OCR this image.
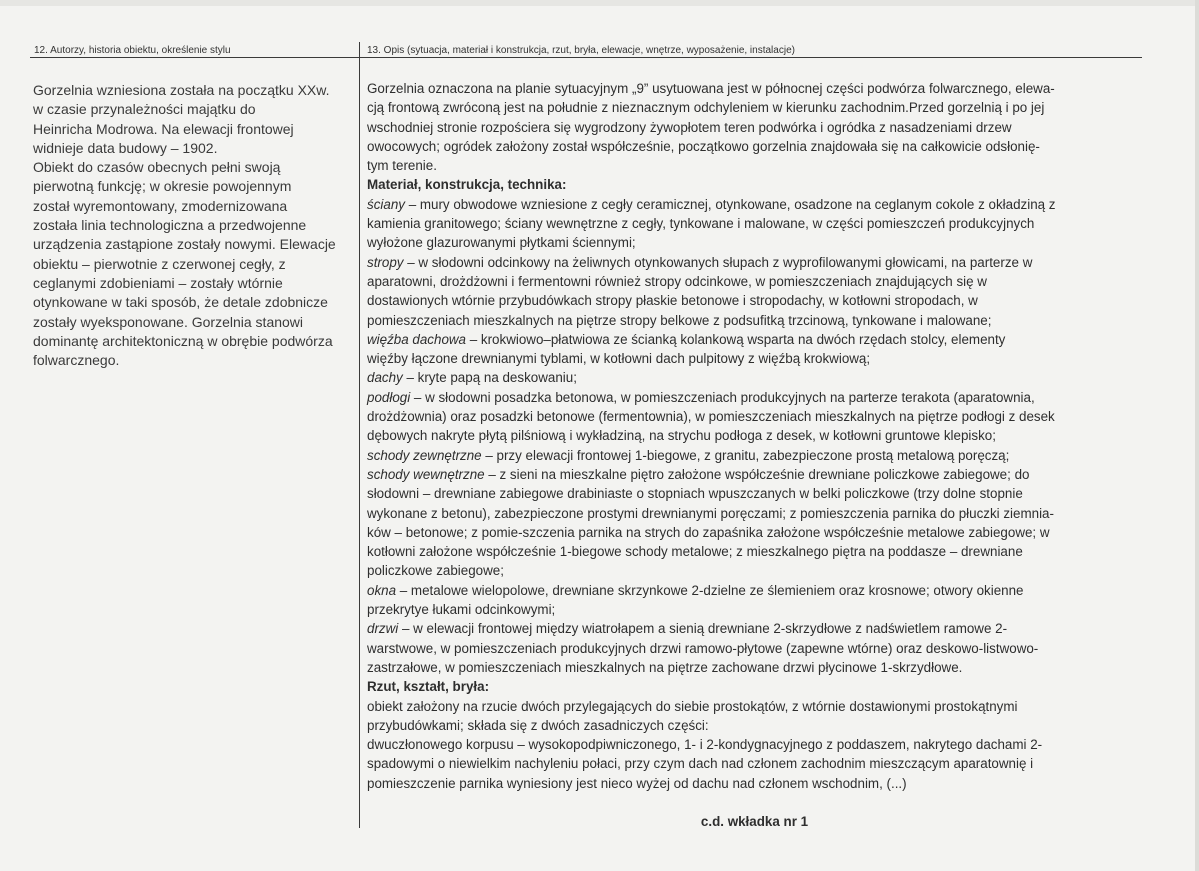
12. Autorzy, historia obiektu, określenie stylu	13. Opis (sytuacja, materiał i konstrukcja, rzut, bryła, elewacje, wnętrze, wyposażenie, instalacje)
Gorzelnia wzniesiona została na początku XXw.
w czasie przynależności majątku do
Heinricha Modrowa. Na elewacji frontowej
widnieje data budowy – 1902.
Obiekt do czasów obecnych pełni swoją
pierwotną funkcję; w okresie powojennym
został wyremontowany, zmodernizowana
została linia technologiczna a przedwojenne
urządzenia zastąpione zostały nowymi. Elewacje
obiektu – pierwotnie z czerwonej cegły, z
ceglanymi zdobieniami – zostały wtórnie
otynkowane w taki sposób, że detale zdobnicze
zostały wyeksponowane. Gorzelnia stanowi
dominantę architektoniczną w obrębie podwórza
folwarcznego.
Gorzelnia oznaczona na planie sytuacyjnym „9” usytuowana jest w północnej części podwórza folwarcznego, elewa-
cją frontową zwróconą jest na południe z nieznacznym odchyleniem w kierunku zachodnim.Przed gorzelnią i po jej
wschodniej stronie rozpościera się wygrodzony żywopłotem teren podwórka i ogródka z nasadzeniami drzew
owocowych; ogródek założony został współcześnie, początkowo gorzelnia znajdowała się na całkowicie odsłonię-
tym terenie.
Materiał, konstrukcja, technika:
ściany – mury obwodowe wzniesione z cegły ceramicznej, otynkowane, osadzone na ceglanym cokole z okładziną z
kamienia granitowego; ściany wewnętrzne z cegły, tynkowane i malowane, w części pomieszczeń produkcyjnych
wyłożone glazurowanymi płytkami ściennymi;
stropy – w słodowni odcinkowy na żeliwnych otynkowanych słupach z wyprofilowanymi głowicami, na parterze w
aparatowni, drożdżowni i fermentowni również stropy odcinkowe, w pomieszczeniach znajdujących się w
dostawionych wtórnie przybudówkach stropy płaskie betonowe i stropodachy, w kotłowni stropodach, w
pomieszczeniach mieszkalnych na piętrze stropy belkowe z podsufitką trzcinową, tynkowane i malowane;
więźba dachowa – krokwiowo–płatwiowa ze ścianką kolankową wsparta na dwóch rzędach stolcy, elementy
więźby łączone drewnianymi tyblami, w kotłowni dach pulpitowy z więźbą krokwiową;
dachy – kryte papą na deskowaniu;
podłogi – w słodowni posadzka betonowa, w pomieszczeniach produkcyjnych na parterze terakota (aparatownia,
drożdżownia) oraz posadzki betonowe (fermentownia), w pomieszczeniach mieszkalnych na piętrze podłogi z desek
dębowych nakryte płytą pilśniową i wykładziną, na strychu podłoga z desek, w kotłowni gruntowe klepisko;
schody zewnętrzne – przy elewacji frontowej 1-biegowe, z granitu, zabezpieczone prostą metalową poręczą;
schody wewnętrzne – z sieni na mieszkalne piętro założone współcześnie drewniane policzkowe zabiegowe; do
słodowni – drewniane zabiegowe drabiniaste o stopniach wpuszczanych w belki policzkowe (trzy dolne stopnie
wykonane z betonu), zabezpieczone prostymi drewnianymi poręczami; z pomieszczenia parnika do płuczki ziemnia-
ków – betonowe; z pomie-szczenia parnika na strych do zapaśnika założone współcześnie metalowe zabiegowe; w
kotłowni założone współcześnie 1-biegowe schody metalowe; z mieszkalnego piętra na poddasze – drewniane
policzkowe zabiegowe;
okna – metalowe wielopolowe, drewniane skrzynkowe 2-dzielne ze ślemieniem oraz krosnowe; otwory okienne
przekrytye łukami odcinkowymi;
drzwi – w elewacji frontowej między wiatrołapem a sienią drewniane 2-skrzydłowe z nadświetlem ramowe 2-
warstwowe, w pomieszczeniach produkcyjnych drzwi ramowo-płytowe (zapewne wtórne) oraz deskowo-listwowo-
zastrzałowe, w pomieszczeniach mieszkalnych na piętrze zachowane drzwi płycinowe 1-skrzydłowe.
Rzut, kształt, bryła:
obiekt założony na rzucie dwóch przylegających do siebie prostokątów, z wtórnie dostawionymi prostokątnymi
przybudówkami; składa się z dwóch zasadniczych części:
dwuczłonowego korpusu – wysokopodpiwniczonego, 1- i 2-kondygnacyjnego z poddaszem, nakrytego dachami 2-
spadowymi o niewielkim nachyleniu połaci, przy czym dach nad członem zachodnim mieszczącym aparatownię i
pomieszczenie parnika wyniesiony jest nieco wyżej od dachu nad członem wschodnim, (...)
c.d. wkładka nr 1
